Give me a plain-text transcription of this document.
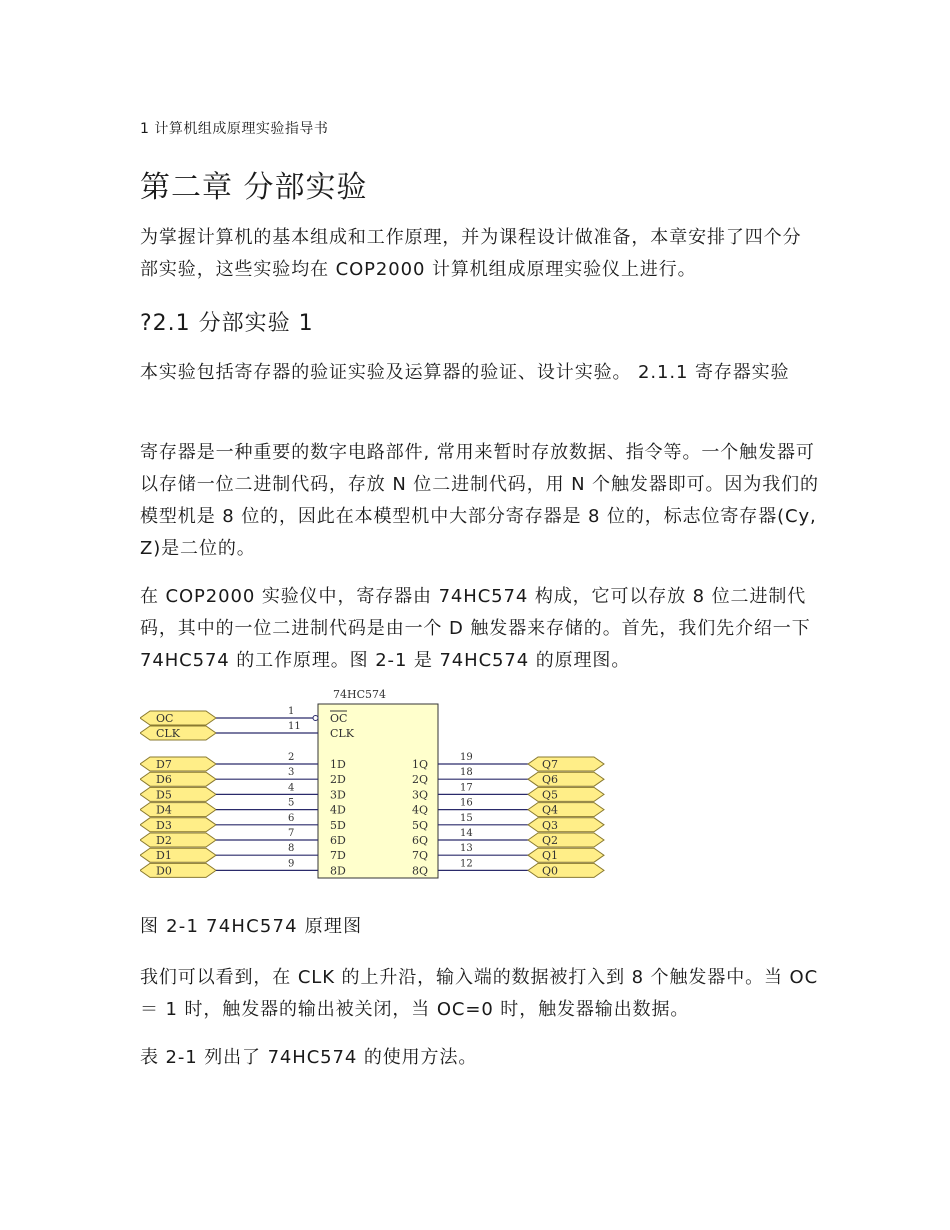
1 计算机组成原理实验指导书
第二章 分部实验

为掌握计算机的基本组成和工作原理，并为课程设计做准备，本章安排了四个分部实验，这些实验均在 COP2000 计算机组成原理实验仪上进行。

?2.1 分部实验 1

本实验包括寄存器的验证实验及运算器的验证、设计实验。 2.1.1 寄存器实验

寄存器是一种重要的数字电路部件, 常用来暂时存放数据、指令等。一个触发器可以存储一位二进制代码，存放 N 位二进制代码，用 N 个触发器即可。因为我们的模型机是 8 位的，因此在本模型机中大部分寄存器是 8 位的，标志位寄存器(Cy, Z)是二位的。

在 COP2000 实验仪中，寄存器由 74HC574 构成，它可以存放 8 位二进制代码，其中的一位二进制代码是由一个 D 触发器来存储的。首先，我们先介绍一下 74HC574 的工作原理。图 2-1 是 74HC574 的原理图。

74HC574
OC
1
OC
CLK
11
CLK
D7
2
1D
D6
3
2D
D5
4
3D
D4
5
4D
D3
6
5D
D2
7
6D
D1
8
7D
D0
9
8D
1Q
19
Q7
2Q
18
Q6
3Q
17
Q5
4Q
16
Q4
5Q
15
Q3
6Q
14
Q2
7Q
13
Q1
8Q
12
Q0
图 2-1 74HC574 原理图

我们可以看到，在 CLK 的上升沿，输入端的数据被打入到 8 个触发器中。当 OC ＝ 1 时，触发器的输出被关闭，当 OC=0 时，触发器输出数据。

表 2-1 列出了 74HC574 的使用方法。
